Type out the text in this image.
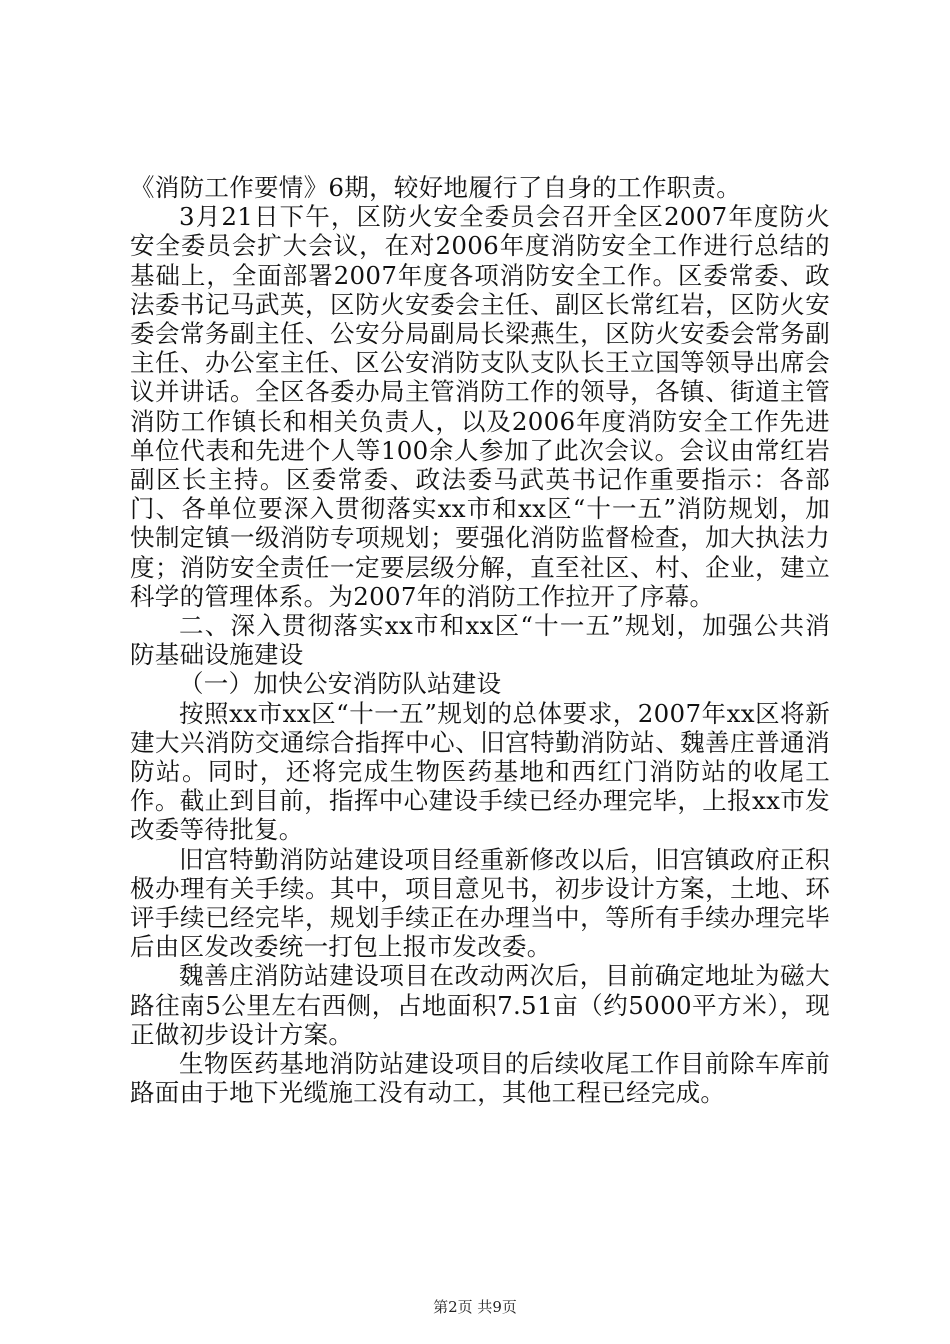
《消防工作要情》6期，较好地履行了自身的工作职责。

3月21日下午，区防火安全委员会召开全区2007年度防火安全委员会扩大会议，在对2006年度消防安全工作进行总结的基础上，全面部署2007年度各项消防安全工作。区委常委、政法委书记马武英，区防火安委会主任、副区长常红岩，区防火安委会常务副主任、公安分局副局长梁燕生，区防火安委会常务副主任、办公室主任、区公安消防支队支队长王立国等领导出席会议并讲话。全区各委办局主管消防工作的领导，各镇、街道主管消防工作镇长和相关负责人，以及2006年度消防安全工作先进单位代表和先进个人等100余人参加了此次会议。会议由常红岩副区长主持。区委常委、政法委马武英书记作重要指示：各部门、各单位要深入贯彻落实xx市和xx区“十一五”消防规划，加快制定镇一级消防专项规划；要强化消防监督检查，加大执法力度；消防安全责任一定要层级分解，直至社区、村、企业，建立科学的管理体系。为2007年的消防工作拉开了序幕。

二、深入贯彻落实xx市和xx区“十一五”规划，加强公共消防基础设施建设

（一）加快公安消防队站建设

按照xx市xx区“十一五”规划的总体要求，2007年xx区将新建大兴消防交通综合指挥中心、旧宫特勤消防站、魏善庄普通消防站。同时，还将完成生物医药基地和西红门消防站的收尾工作。截止到目前，指挥中心建设手续已经办理完毕，上报xx市发改委等待批复。

旧宫特勤消防站建设项目经重新修改以后，旧宫镇政府正积极办理有关手续。其中，项目意见书，初步设计方案，土地、环评手续已经完毕，规划手续正在办理当中，等所有手续办理完毕后由区发改委统一打包上报市发改委。

魏善庄消防站建设项目在改动两次后，目前确定地址为磁大路往南5公里左右西侧，占地面积7.51亩（约5000平方米），现正做初步设计方案。

生物医药基地消防站建设项目的后续收尾工作目前除车库前路面由于地下光缆施工没有动工，其他工程已经完成。

第2页 共9页
